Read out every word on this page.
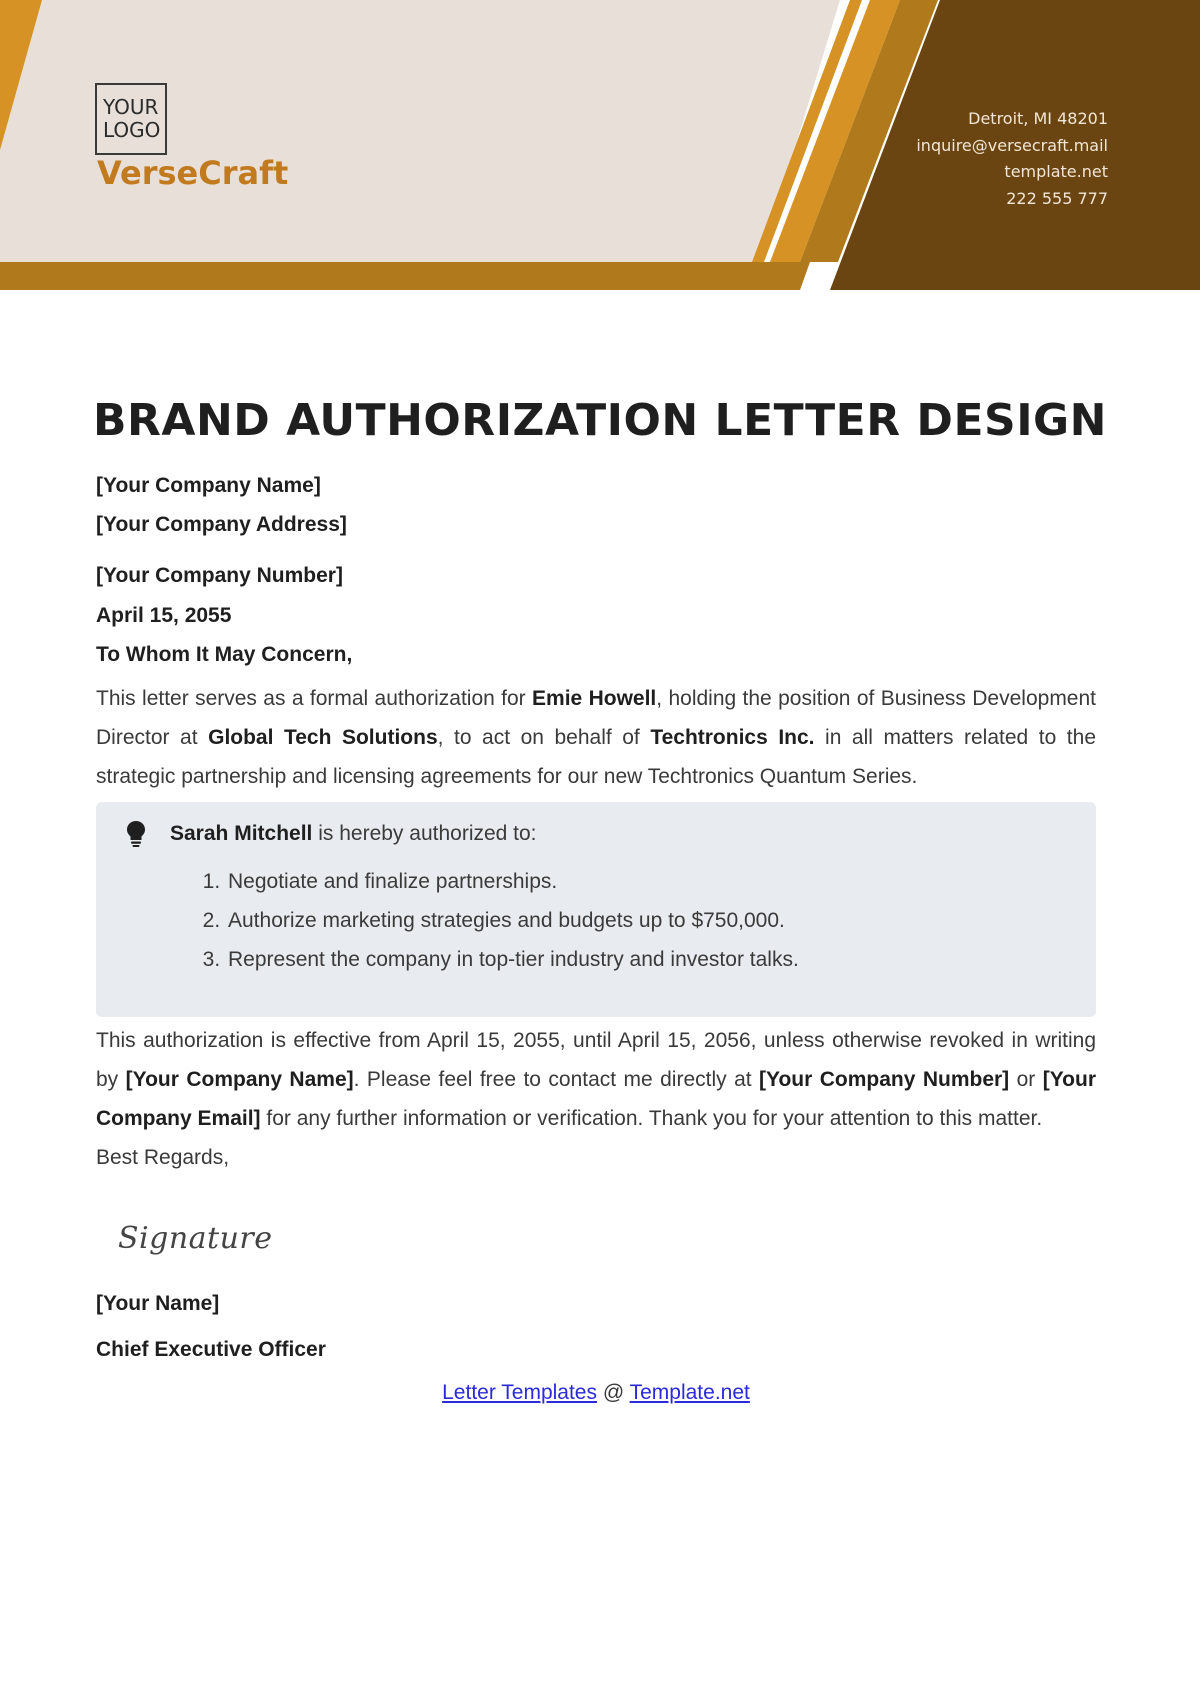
YOUR
LOGO
VerseCraft
Detroit, MI 48201
inquire@versecraft.mail
template.net
222 555 777
BRAND AUTHORIZATION LETTER DESIGN

[Your Company Name]

[Your Company Address]

[Your Company Number]

April 15, 2055

To Whom It May Concern,

This letter serves as a formal authorization for Emie Howell, holding the position of Business Development Director at Global Tech Solutions, to act on behalf of Techtronics Inc. in all matters related to the strategic partnership and licensing agreements for our new Techtronics Quantum Series.

Sarah Mitchell is hereby authorized to:

1. Negotiate and finalize partnerships.
2. Authorize marketing strategies and budgets up to $750,000.
3. Represent the company in top-tier industry and investor talks.

This authorization is effective from April 15, 2055, until April 15, 2056, unless otherwise revoked in writing by [Your Company Name]. Please feel free to contact me directly at [Your Company Number] or [Your Company Email] for any further information or verification. Thank you for your attention to this matter.

Best Regards,

Signature

[Your Name]

Chief Executive Officer

Letter Templates @ Template.net
